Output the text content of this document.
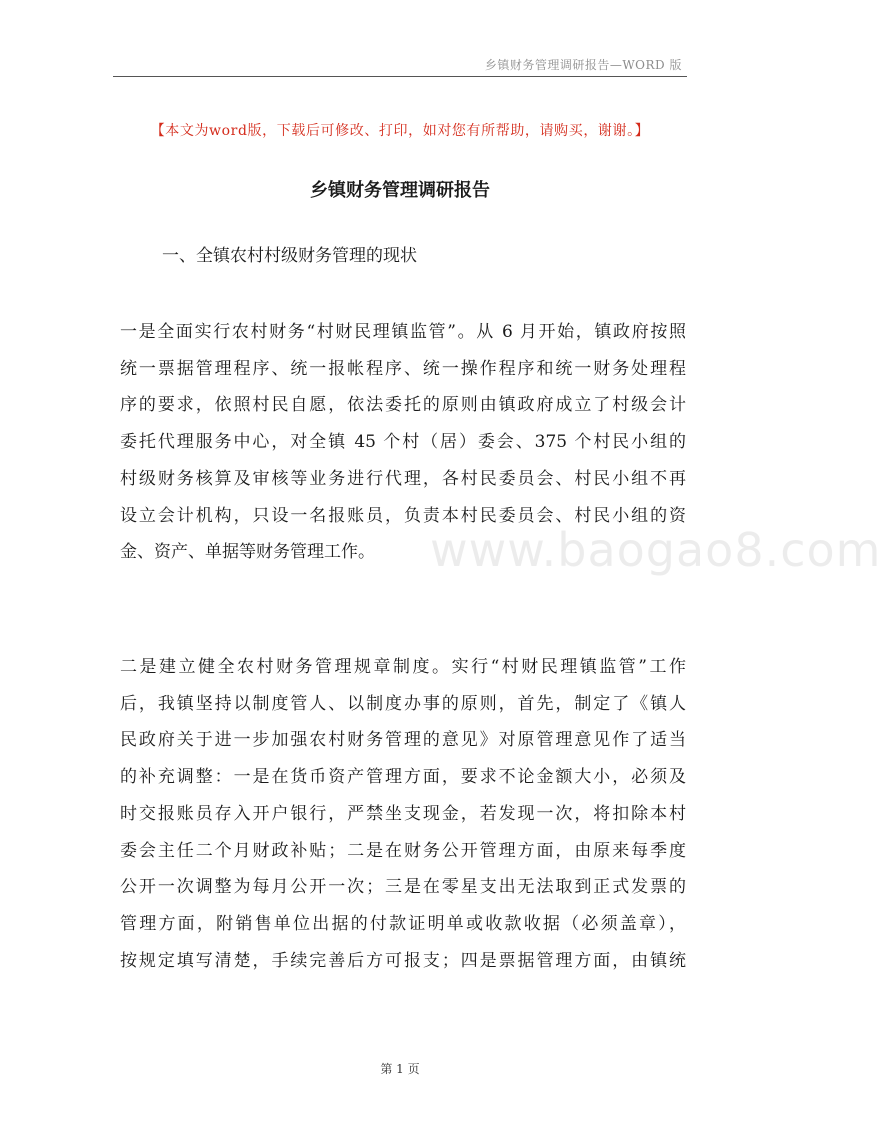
乡镇财务管理调研报告—WORD 版
【本文为word版，下载后可修改、打印，如对您有所帮助，请购买，谢谢。】
乡镇财务管理调研报告
一、全镇农村村级财务管理的现状
www.baogao8.com

一是全面实行农村财务“村财民理镇监管”。从 6 月开始，镇政府按照
统一票据管理程序、统一报帐程序、统一操作程序和统一财务处理程
序的要求，依照村民自愿，依法委托的原则由镇政府成立了村级会计
委托代理服务中心，对全镇 45 个村（居）委会、375 个村民小组的
村级财务核算及审核等业务进行代理，各村民委员会、村民小组不再
设立会计机构，只设一名报账员，负责本村民委员会、村民小组的资
金、资产、单据等财务管理工作。

二是建立健全农村财务管理规章制度。实行“村财民理镇监管”工作
后，我镇坚持以制度管人、以制度办事的原则，首先，制定了《镇人
民政府关于进一步加强农村财务管理的意见》对原管理意见作了适当
的补充调整：一是在货币资产管理方面，要求不论金额大小，必须及
时交报账员存入开户银行，严禁坐支现金，若发现一次，将扣除本村
委会主任二个月财政补贴；二是在财务公开管理方面，由原来每季度
公开一次调整为每月公开一次；三是在零星支出无法取到正式发票的
管理方面，附销售单位出据的付款证明单或收款收据（必须盖章），
按规定填写清楚，手续完善后方可报支；四是票据管理方面，由镇统

第 1 页
